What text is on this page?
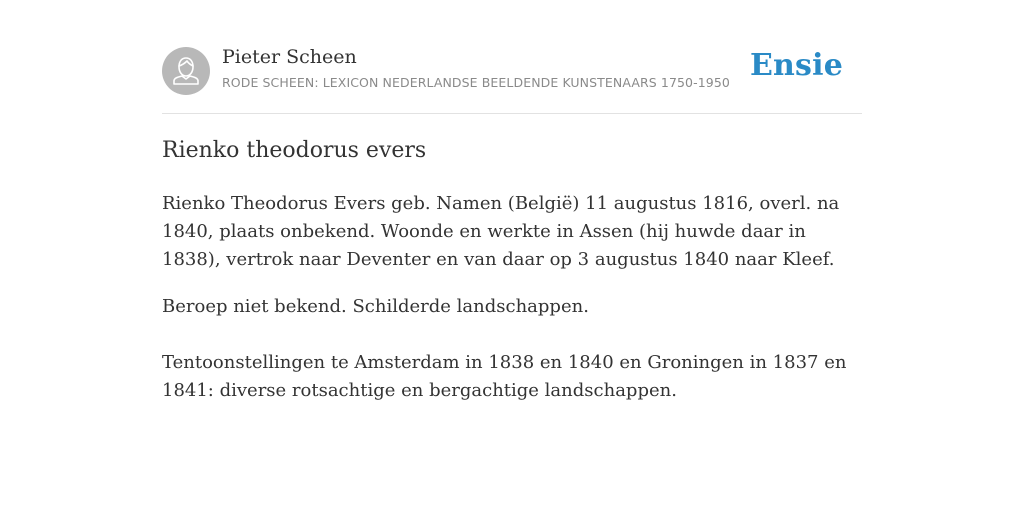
Pieter Scheen
RODE SCHEEN: LEXICON NEDERLANDSE BEELDENDE KUNSTENAARS 1750-1950 Ensie
Rienko theodorus evers

Rienko Theodorus Evers geb. Namen (België) 11 augustus 1816, overl. na 1840, plaats onbekend. Woonde en werkte in Assen (hij huwde daar in 1838), vertrok naar Deventer en van daar op 3 augustus 1840 naar Kleef.

Beroep niet bekend. Schilderde landschappen.

Tentoonstellingen te Amsterdam in 1838 en 1840 en Groningen in 1837 en 1841: diverse rotsachtige en bergachtige landschappen.
